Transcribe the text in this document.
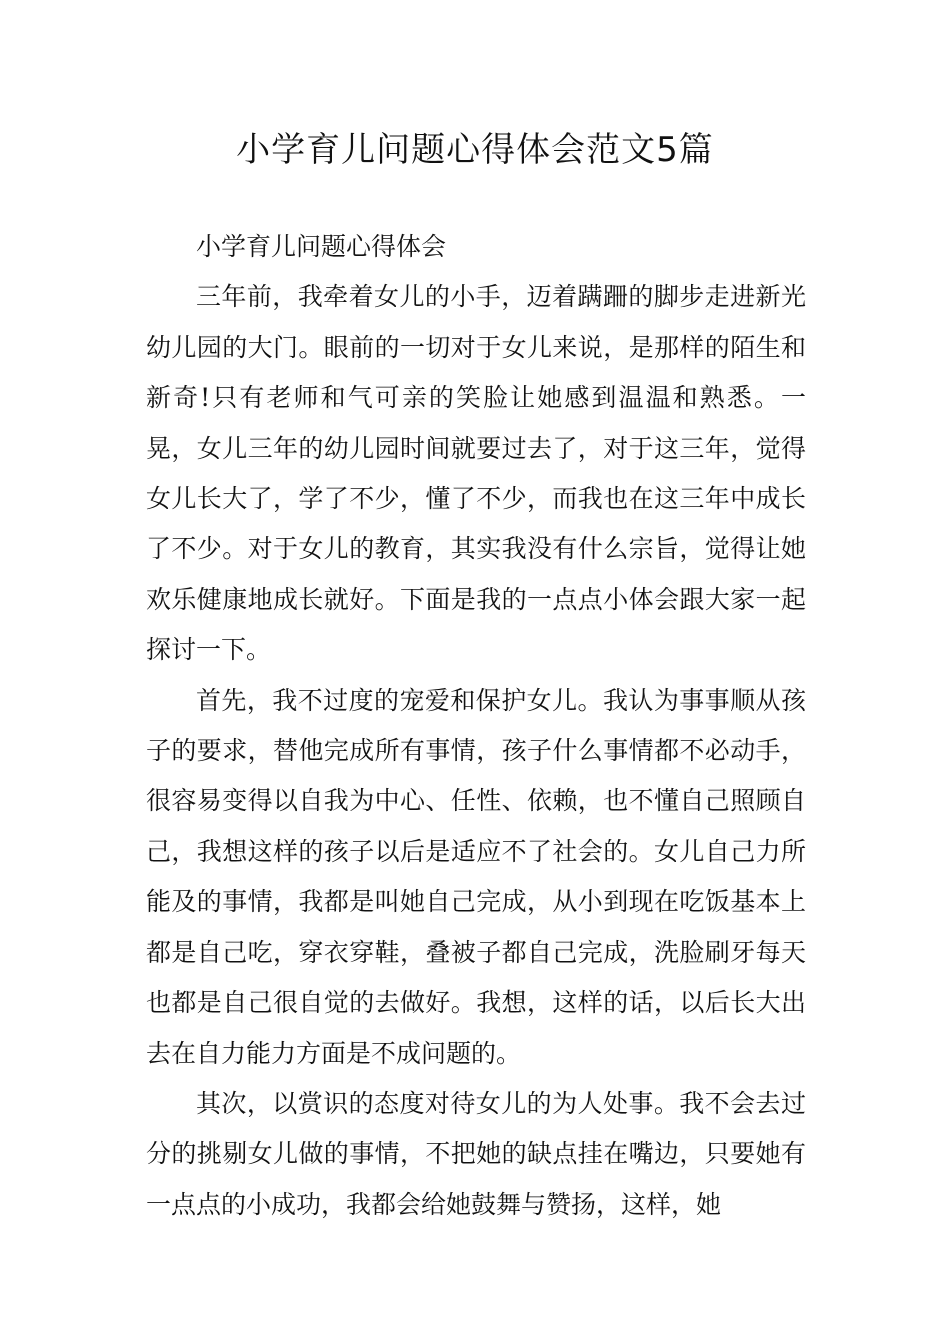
小学育儿问题心得体会范文5篇

小学育儿问题心得体会

三年前，我牵着女儿的小手，迈着蹒跚的脚步走进新光幼儿园的大门。眼前的一切对于女儿来说，是那样的陌生和新奇!只有老师和气可亲的笑脸让她感到温温和熟悉。一晃，女儿三年的幼儿园时间就要过去了，对于这三年，觉得女儿长大了，学了不少，懂了不少，而我也在这三年中成长了不少。对于女儿的教育，其实我没有什么宗旨，觉得让她欢乐健康地成长就好。下面是我的一点点小体会跟大家一起探讨一下。

首先，我不过度的宠爱和保护女儿。我认为事事顺从孩子的要求，替他完成所有事情，孩子什么事情都不必动手，很容易变得以自我为中心、任性、依赖，也不懂自己照顾自己，我想这样的孩子以后是适应不了社会的。女儿自己力所能及的事情，我都是叫她自己完成，从小到现在吃饭基本上都是自己吃，穿衣穿鞋，叠被子都自己完成，洗脸刷牙每天也都是自己很自觉的去做好。我想，这样的话，以后长大出去在自力能力方面是不成问题的。

其次，以赏识的态度对待女儿的为人处事。我不会去过分的挑剔女儿做的事情，不把她的缺点挂在嘴边，只要她有一点点的小成功，我都会给她鼓舞与赞扬，这样，她
